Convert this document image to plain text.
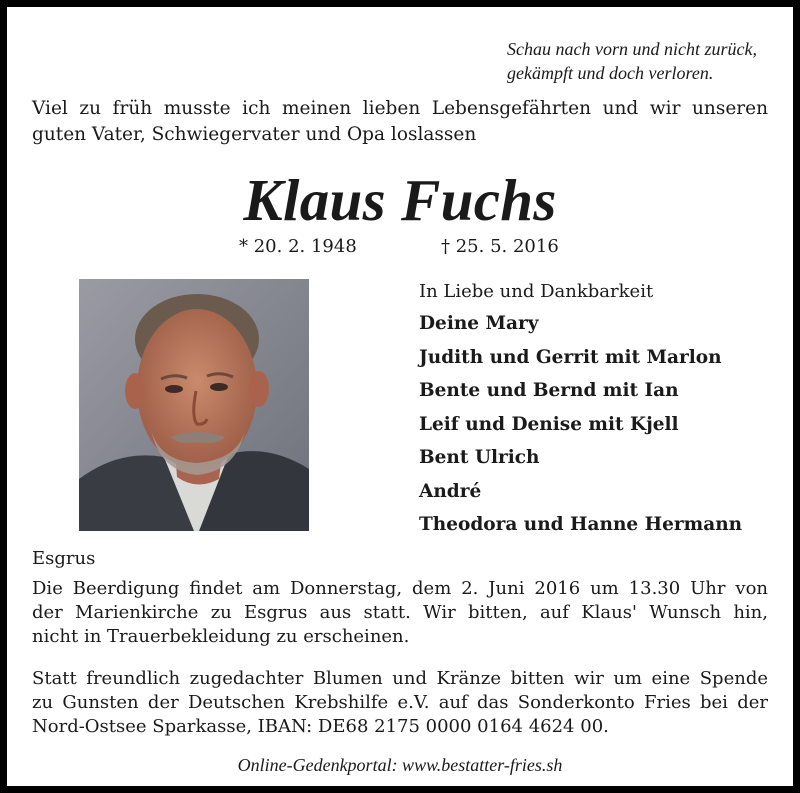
Schau nach vorn und nicht zurück,
gekämpft und doch verloren.
Viel zu früh musste ich meinen lieben Lebensgefährten und wir unseren
guten Vater, Schwiegervater und Opa loslassen
Klaus Fuchs
* 20. 2. 1948	† 25. 5. 2016
In Liebe und Dankbarkeit
Deine Mary
Judith und Gerrit mit Marlon
Bente und Bernd mit Ian
Leif und Denise mit Kjell
Bent Ulrich
André
Theodora und Hanne Hermann
Esgrus
Die Beerdigung findet am Donnerstag, dem 2. Juni 2016 um 13.30 Uhr von
der Marienkirche zu Esgrus aus statt. Wir bitten, auf Klaus' Wunsch hin,
nicht in Trauerbekleidung zu erscheinen.
Statt freundlich zugedachter Blumen und Kränze bitten wir um eine Spende
zu Gunsten der Deutschen Krebshilfe e.V. auf das Sonderkonto Fries bei der
Nord-Ostsee Sparkasse, IBAN: DE68 2175 0000 0164 4624 00.
Online-Gedenkportal: www.bestatter-fries.sh
